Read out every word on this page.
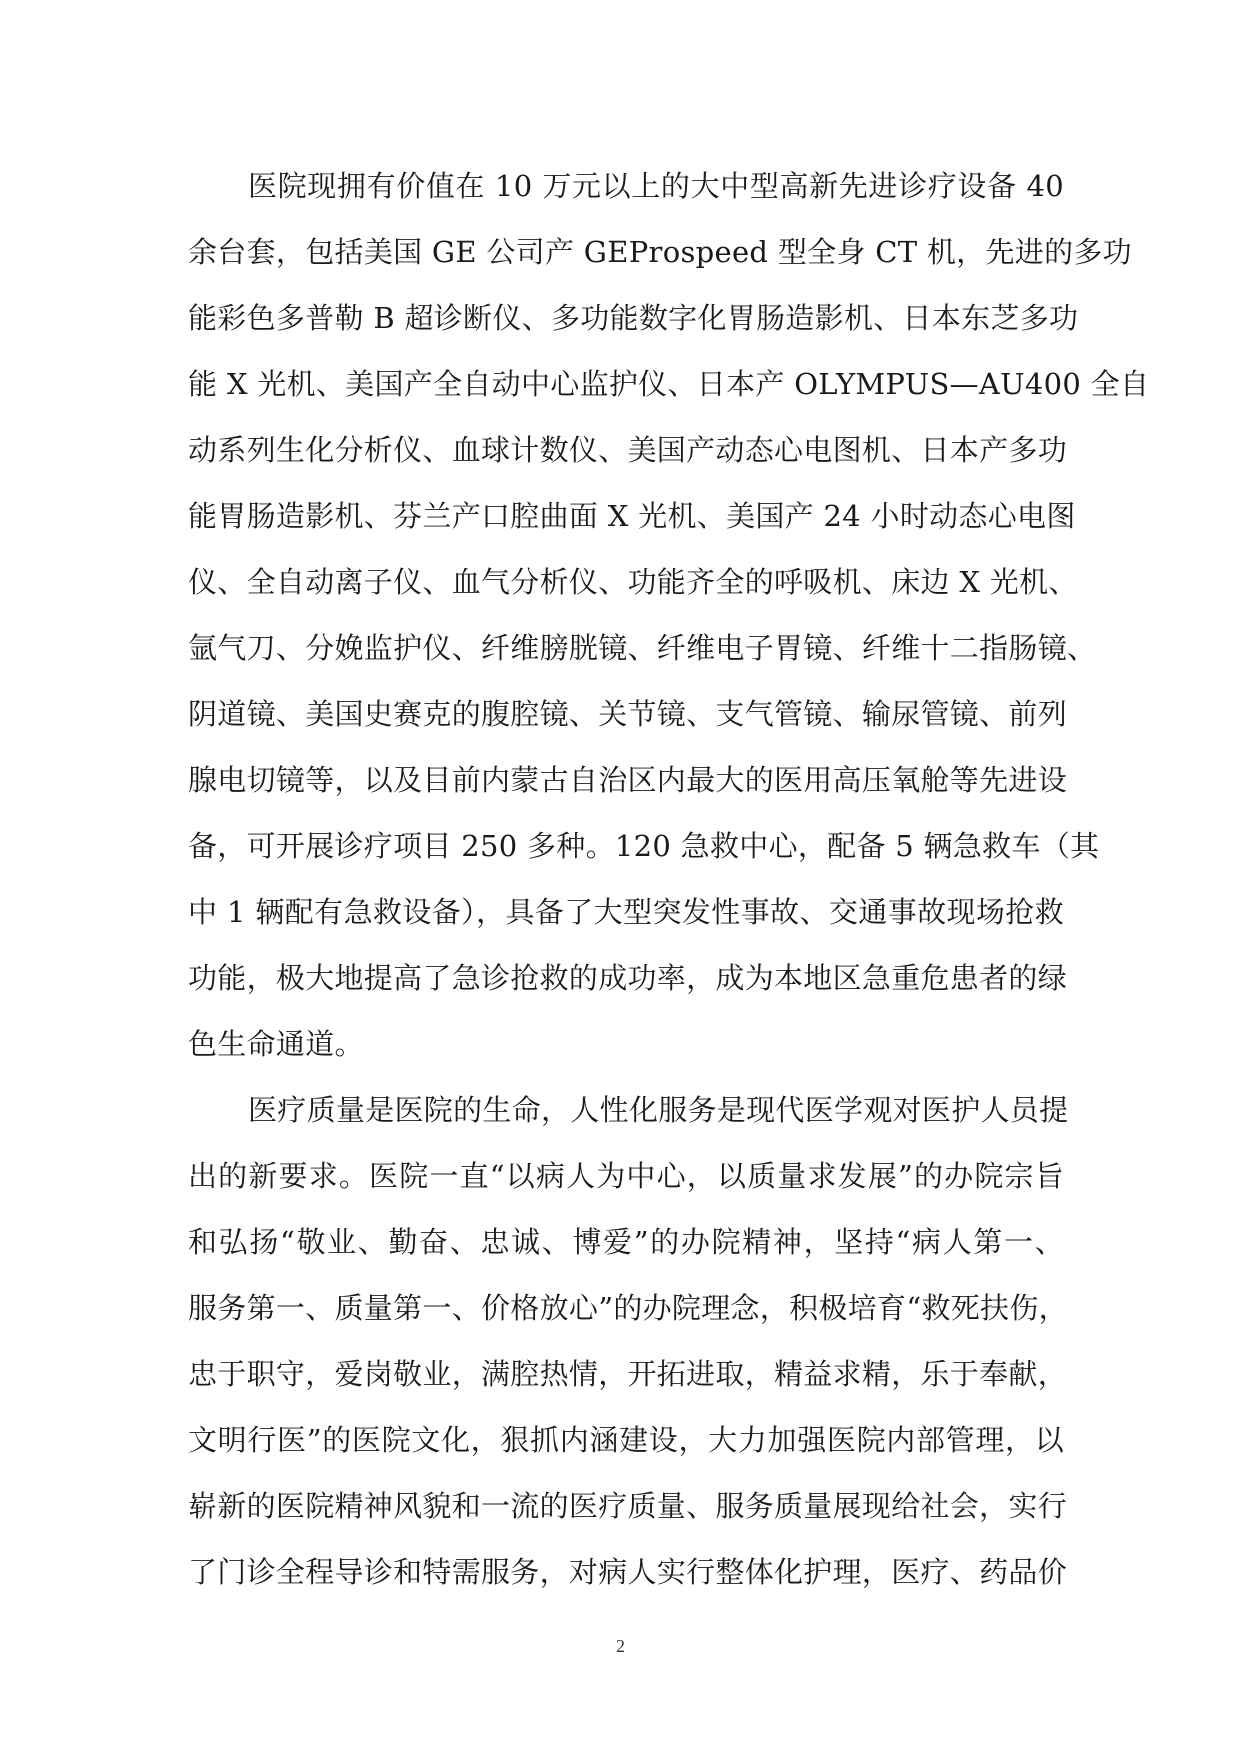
医院现拥有价值在 10 万元以上的大中型高新先进诊疗设备 40
余台套，包括美国 GE 公司产 GEProspeed 型全身 CT 机，先进的多功
能彩色多普勒 B 超诊断仪、多功能数字化胃肠造影机、日本东芝多功
能 X 光机、美国产全自动中心监护仪、日本产 OLYMPUS—AU400 全自
动系列生化分析仪、血球计数仪、美国产动态心电图机、日本产多功
能胃肠造影机、芬兰产口腔曲面 X 光机、美国产 24 小时动态心电图
仪、全自动离子仪、血气分析仪、功能齐全的呼吸机、床边 X 光机、
氩气刀、分娩监护仪、纤维膀胱镜、纤维电子胃镜、纤维十二指肠镜、
阴道镜、美国史赛克的腹腔镜、关节镜、支气管镜、输尿管镜、前列
腺电切镜等，以及目前内蒙古自治区内最大的医用高压氧舱等先进设
备，可开展诊疗项目 250 多种。120 急救中心，配备 5 辆急救车（其
中 1 辆配有急救设备），具备了大型突发性事故、交通事故现场抢救
功能，极大地提高了急诊抢救的成功率，成为本地区急重危患者的绿
色生命通道。
医疗质量是医院的生命，人性化服务是现代医学观对医护人员提
出的新要求。医院一直“以病人为中心，以质量求发展”的办院宗旨
和弘扬“敬业、勤奋、忠诚、博爱”的办院精神，坚持“病人第一、
服务第一、质量第一、价格放心”的办院理念，积极培育“救死扶伤，
忠于职守，爱岗敬业，满腔热情，开拓进取，精益求精，乐于奉献，
文明行医”的医院文化，狠抓内涵建设，大力加强医院内部管理，以
崭新的医院精神风貌和一流的医疗质量、服务质量展现给社会，实行
了门诊全程导诊和特需服务，对病人实行整体化护理，医疗、药品价
2
